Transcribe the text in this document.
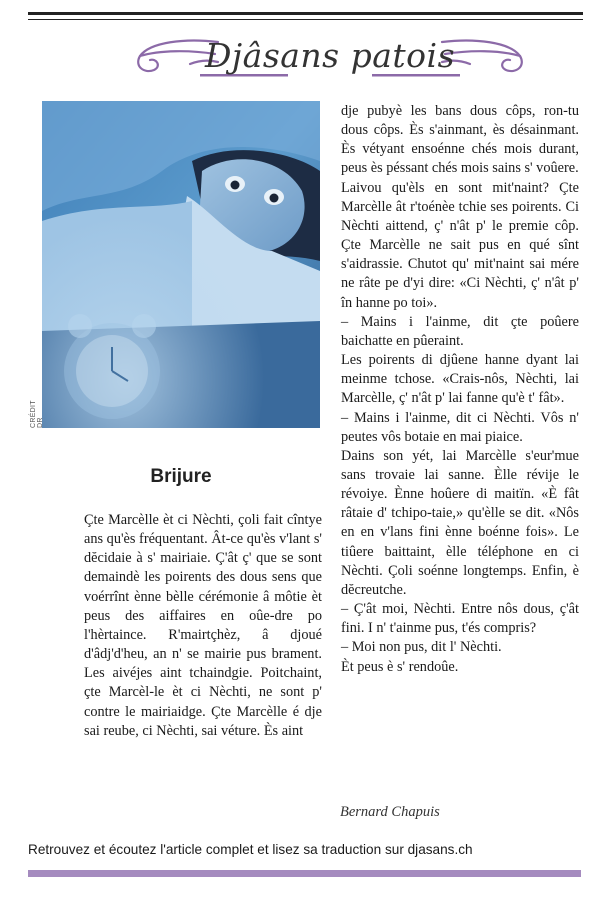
Djâsans patois
CRÉDIT DR
Brijure

Çte Marcèlle èt ci Nèchti, çoli fait cîntye ans qu'ès fréquentant. Ât-ce qu'ès v'lant s' dĕcidaie à s' mairiaie. Ç'ât ç' que se sont demaindè les poirents des dous sens que voérrînt ènne bèlle cérémonie â môtie èt peus des aiffaires en oûe-dre po l'hèrtaince. R'mairtçhèz, â djoué d'âdj'd'heu, an n' se mairie pus brament. Les aivéjes aint tchaindgie. Poitchaint, çte Marcèl-le èt ci Nèchti, ne sont p' contre le mairiaidge. Çte Marcèlle é dje sai reube, ci Nèchti, sai véture. Ès aint

dje pubyè les bans dous côps, ron-tu dous côps. Ès s'ainmant, ès désainmant. Ès vétyant ensoénne chés mois durant, peus ès péssant chés mois sains s' voûere.

Laivou qu'èls en sont mit'naint? Çte Marcèlle ât r'toénèe tchie ses poirents. Ci Nèchti aittend, ç' n'ât p' le premie côp. Çte Marcèlle ne sait pus en qué sînt s'aidrassie. Chutot qu' mit'naint sai mére ne râte pe d'yi dire: «Ci Nèchti, ç' n'ât p' în hanne po toi».

– Mains i l'ainme, dit çte poûere baichatte en pûeraint.

Les poirents di djûene hanne dyant lai meinme tchose. «Crais-nôs, Nèchti, lai Marcèlle, ç' n'ât p' lai fanne qu'è t' fât».

– Mains i l'ainme, dit ci Nèchti. Vôs n' peutes vôs botaie en mai piaice.

Dains son yét, lai Marcèlle s'eur'mue sans trovaie lai sanne. Èlle révije le révoiye. Ènne hoûere di maitïn. «È fât râtaie d' tchipo-taie,» qu'èlle se dit. «Nôs en en v'lans fini ènne boénne fois». Le tiûere baittaint, èlle téléphone en ci Nèchti. Çoli soénne longtemps. Enfin, è dĕcreutche.

– Ç'ât moi, Nèchti. Entre nôs dous, ç'ât fini. I n' t'ainme pus, t'és compris?

– Moi non pus, dit l' Nèchti.

Èt peus è s' rendoûe.

Bernard Chapuis
Retrouvez et écoutez l'article complet et lisez sa traduction sur djasans.ch
